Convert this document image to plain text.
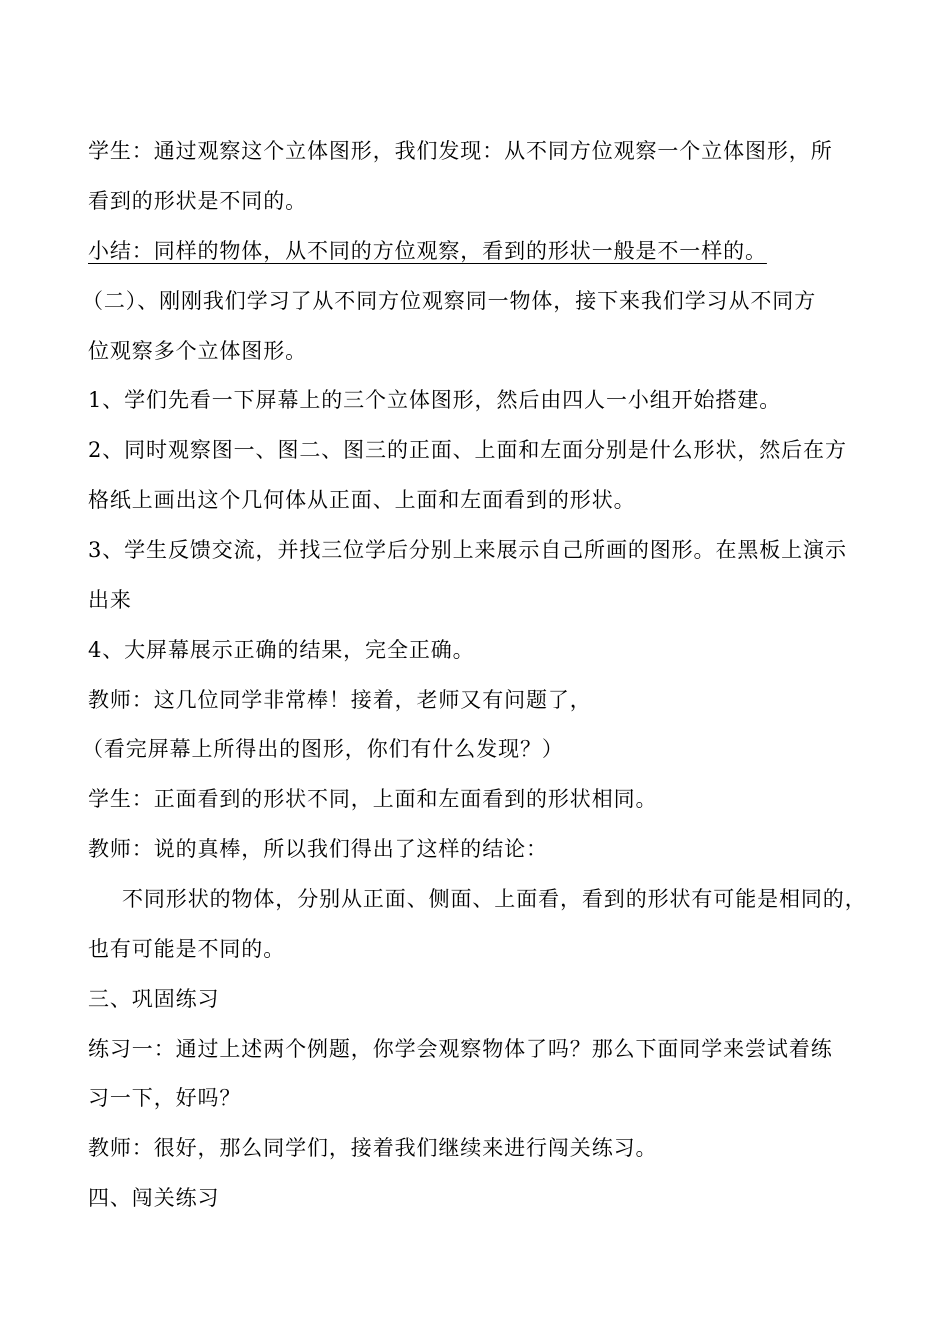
学生：通过观察这个立体图形，我们发现：从不同方位观察一个立体图形，所
看到的形状是不同的。
小结：同样的物体，从不同的方位观察，看到的形状一般是不一样的。
（二）、刚刚我们学习了从不同方位观察同一物体，接下来我们学习从不同方
位观察多个立体图形。
1、学们先看一下屏幕上的三个立体图形，然后由四人一小组开始搭建。
2、同时观察图一、图二、图三的正面、上面和左面分别是什么形状，然后在方
格纸上画出这个几何体从正面、上面和左面看到的形状。
3、学生反馈交流，并找三位学后分别上来展示自己所画的图形。在黑板上演示
出来
4、大屏幕展示正确的结果，完全正确。
教师：这几位同学非常棒！接着，老师又有问题了，
（看完屏幕上所得出的图形，你们有什么发现？）
学生：正面看到的形状不同，上面和左面看到的形状相同。
教师：说的真棒，所以我们得出了这样的结论：
不同形状的物体，分别从正面、侧面、上面看，看到的形状有可能是相同的，
也有可能是不同的。
三、巩固练习
练习一：通过上述两个例题，你学会观察物体了吗？那么下面同学来尝试着练
习一下，好吗？
教师：很好，那么同学们，接着我们继续来进行闯关练习。
四、闯关练习
